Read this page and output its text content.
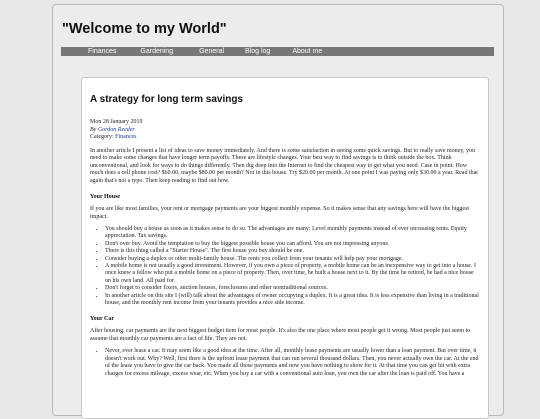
"Welcome to my World"
Finances	Gardening	General	Blog log	About me
A strategy for long term savings
Mon 28 January 2019
By Gordon Reeder
Category: Finances

In another article I present a list of ideas to save money immediately. And there is some satisfaction in seeing some quick savings. But to really save money, you need to make some changes that have longer term payoffs. These are lifestyle changes. Your best way to find savings is to think outside the box. Think unconventional, and look for ways to do things differently. Then dig deep into the Internet to find the cheapest way to get what you need. Case in point: How much does a cell phone cost? $60.00, maybe $80.00 per month? Not in this house. Try $20.00 per month. At one point I was paying only $30.00 a year. Read that again that's not a typo. Then keep reading to find out how.

Your House

If you are like most families, your rent or mortgage payments are your biggest monthly expense. So it makes sense that any savings here will have the biggest impact.

• You should buy a house as soon as it makes sense to do so. The advantages are many: Level monthly payments instead of ever increasing rents. Equity appreciation. Tax savings.
• Don't over buy. Avoid the temptation to buy the biggest possible house you can afford. You are not impressing anyone.
• There is this thing called a "Starter House". The first house you buy should be one.
• Consider buying a duplex or other multi-family house. The rents you collect from your tenants will help pay your mortgage.
• A mobile home is not usually a good investment. However, if you own a piece of property, a mobile home can be an inexpensive way to get into a house. I once knew a fellow who put a mobile home on a piece of property. Then, over time, he built a house next to it. By the time he retired, he had a nice house on his own land. All paid for.
• Don't forget to consider fixers, auction houses, foreclosures and other nontraditional sources.
• In another article on this site I (will) talk about the advantages of owner occupying a duplex. It is a great idea. It is less expensive than living in a traditional house, and the monthly rent income from your tenants provides a nice side income.
Your Car

After housing, car payments are the next biggest budget item for most people. It's also the one place where most people get it wrong. Most people just seem to assume that monthly car payments are a fact of life. They are not.

• Never, ever lease a car. It may seem like a good idea at the time. After all, monthly lease payments are usually lower than a loan payment. But over time, it doesn't work out. Why? Well, first there is the upfront lease payment that can run several thousand dollars. Then, you never actually own the car. At the end of the lease you have to give the car back. You made all those payments and now you have nothing to show for it. At that time you can get hit with extra charges for excess mileage, excess wear, etc. When you buy a car with a conventional auto loan, you own the car after the loan is paid off. You have a
